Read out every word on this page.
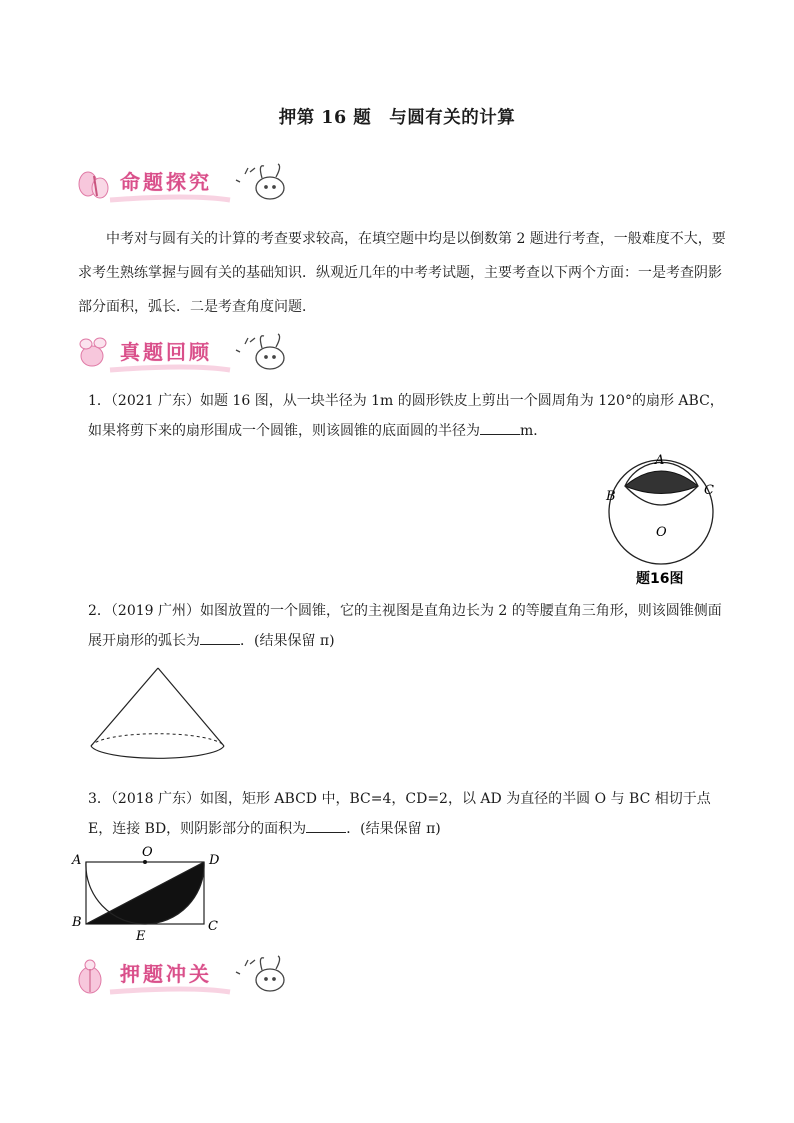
押第 16 题　与圆有关的计算
命题探究
中考对与圆有关的计算的考查要求较高，在填空题中均是以倒数第 2 题进行考查，一般难度不大，要求考生熟练掌握与圆有关的基础知识．纵观近几年的中考考试题，主要考查以下两个方面：一是考查阴影部分面积，弧长．二是考查角度问题．
真题回顾
1．（2021 广东）如题 16 图，从一块半径为 1m 的圆形铁皮上剪出一个圆周角为 120°的扇形 ABC，如果将剪下来的扇形围成一个圆锥，则该圆锥的底面圆的半径为	m．
A
B	C
O
题16图
2．（2019 广州）如图放置的一个圆锥，它的主视图是直角边长为 2 的等腰直角三角形，则该圆锥侧面展开扇形的弧长为	．(结果保留 π)
3．（2018 广东）如图，矩形 ABCD 中，BC=4，CD=2，以 AD 为直径的半圆 O 与 BC 相切于点 E，连接 BD，则阴影部分的面积为	．(结果保留 π)
A
O
D
B	C
E
押题冲关
